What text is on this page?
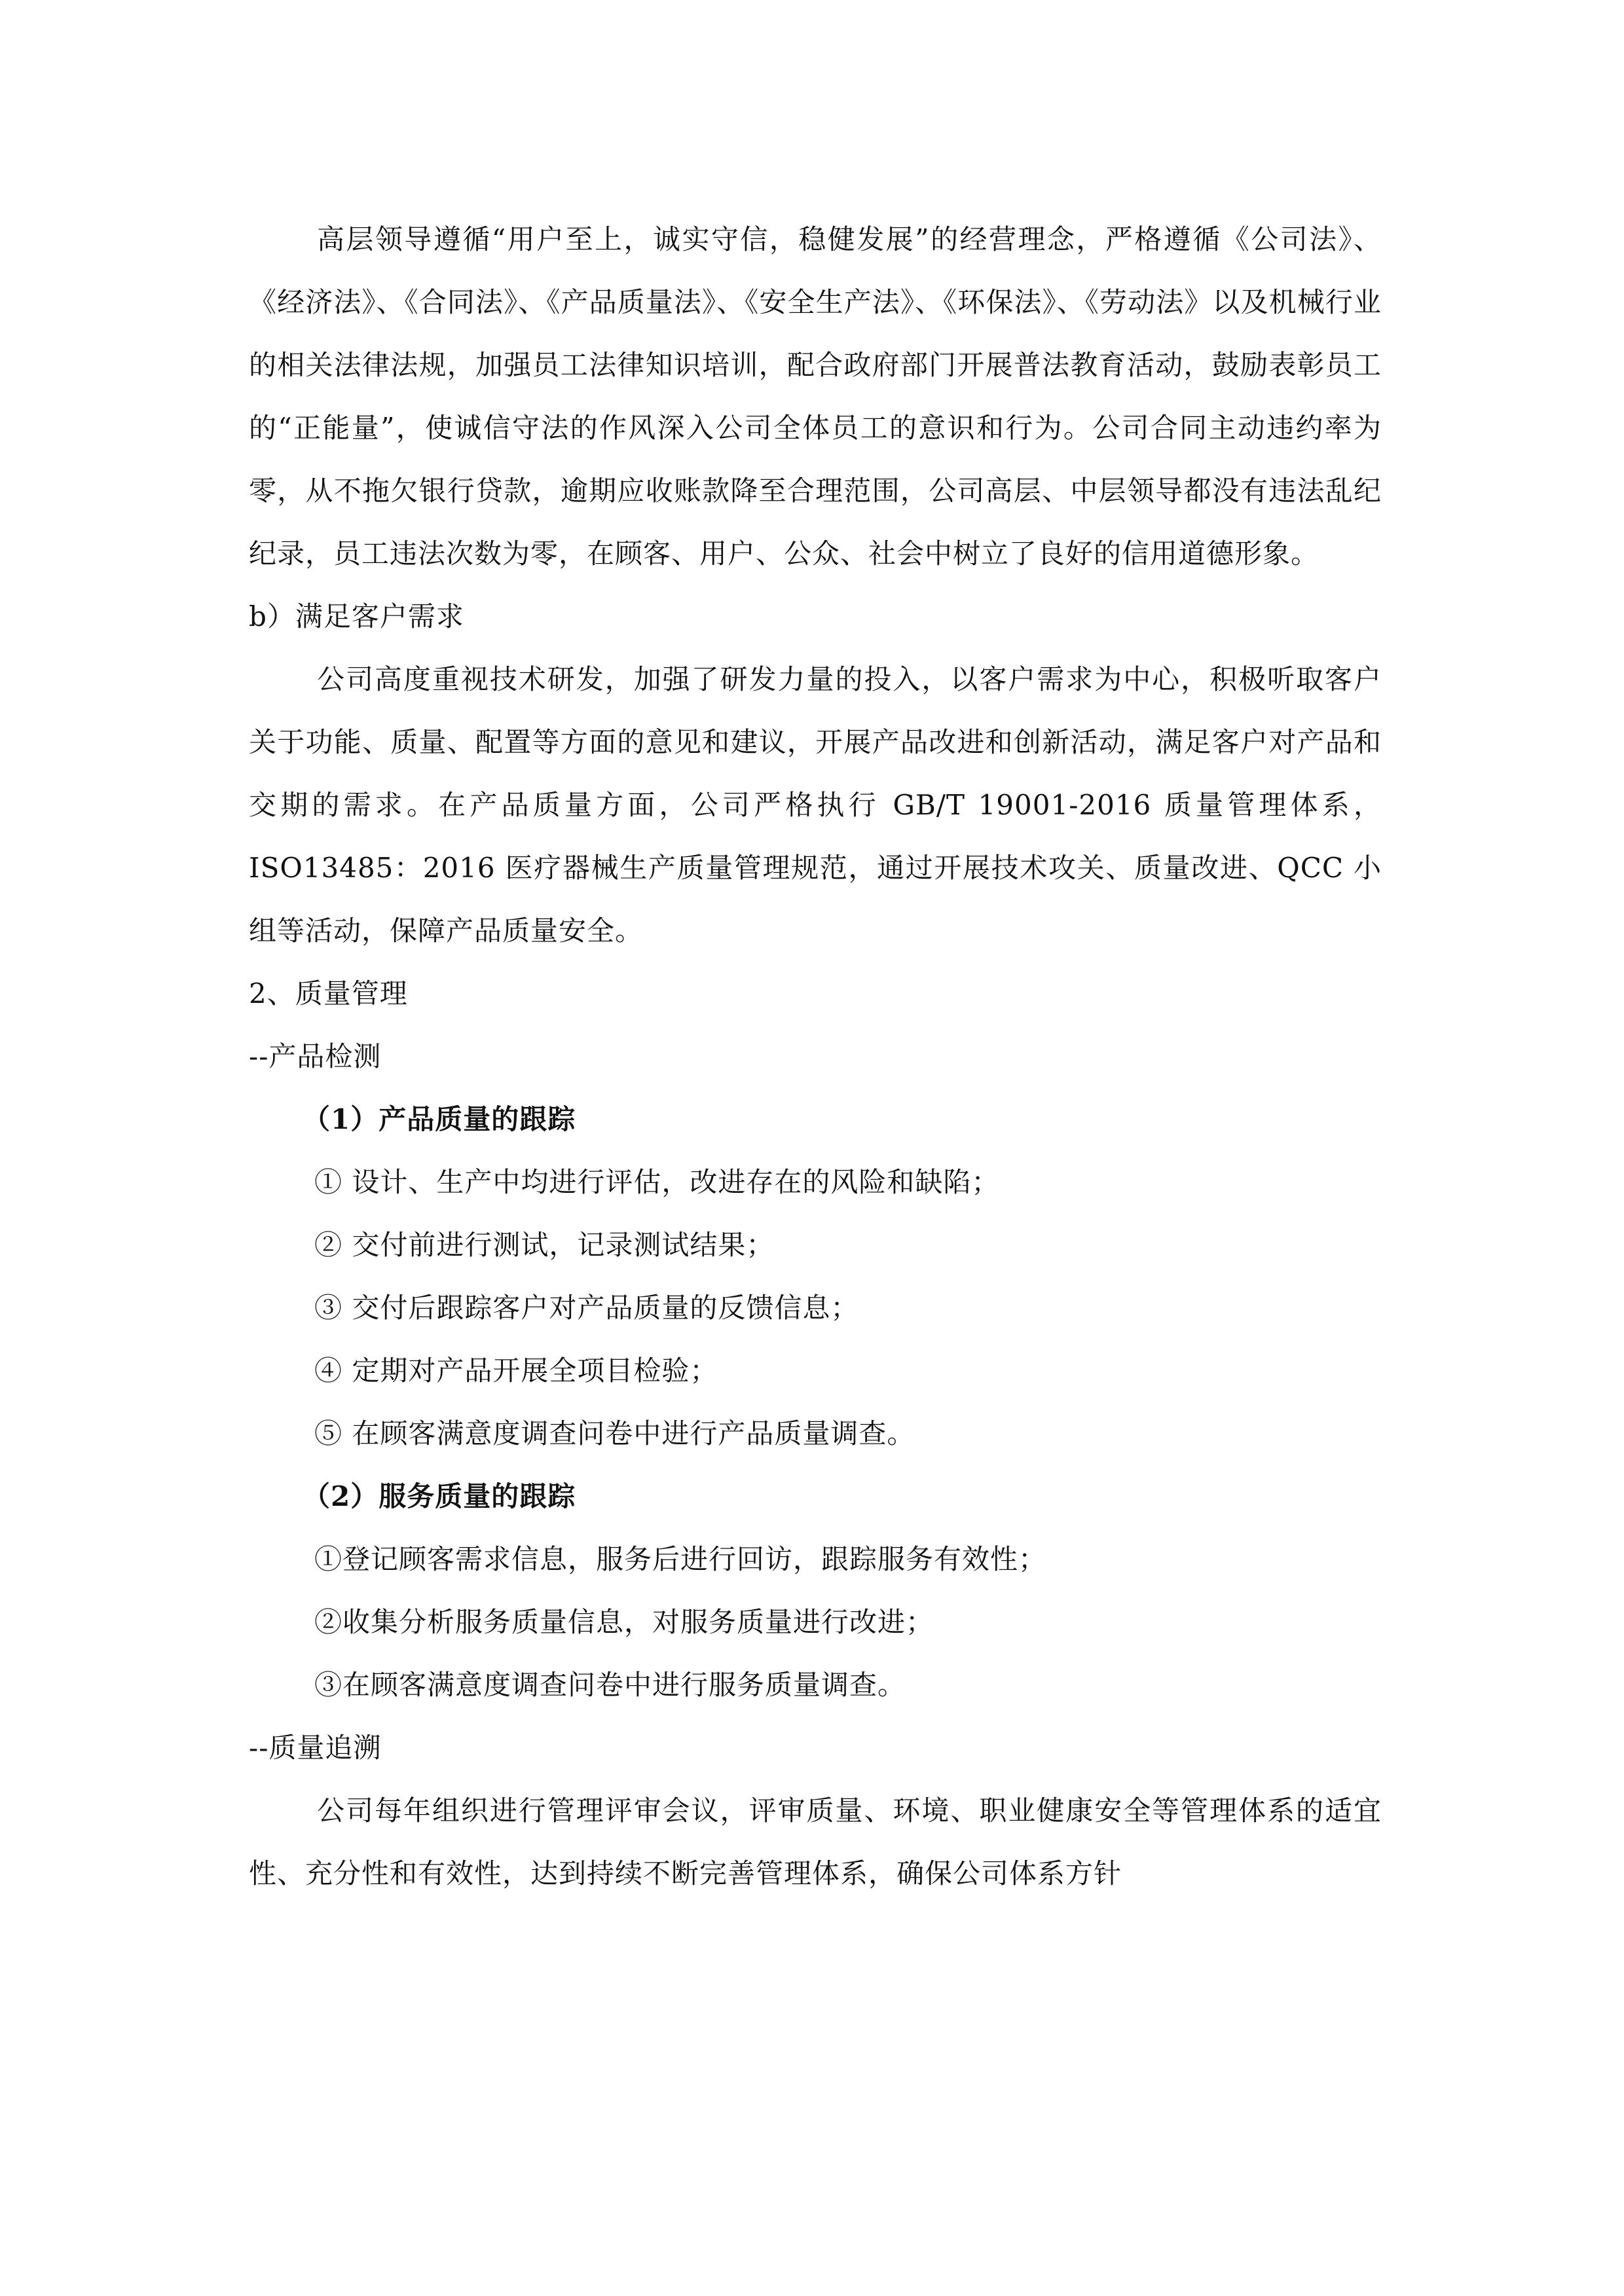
高层领导遵循“用户至上，诚实守信，稳健发展”的经营理念，严格遵循《公司法》、《经济法》、《合同法》、《产品质量法》、《安全生产法》、《环保法》、《劳动法》以及机械行业的相关法律法规，加强员工法律知识培训，配合政府部门开展普法教育活动，鼓励表彰员工的“正能量”，使诚信守法的作风深入公司全体员工的意识和行为。公司合同主动违约率为零，从不拖欠银行贷款，逾期应收账款降至合理范围，公司高层、中层领导都没有违法乱纪纪录，员工违法次数为零，在顾客、用户、公众、社会中树立了良好的信用道德形象。

b）满足客户需求

公司高度重视技术研发，加强了研发力量的投入，以客户需求为中心，积极听取客户关于功能、质量、配置等方面的意见和建议，开展产品改进和创新活动，满足客户对产品和交期的需求。在产品质量方面，公司严格执行 GB/T 19001-2016 质量管理体系，ISO13485：2016 医疗器械生产质量管理规范，通过开展技术攻关、质量改进、QCC 小组等活动，保障产品质量安全。

2、质量管理

--产品检测

（1）产品质量的跟踪

① 设计、生产中均进行评估，改进存在的风险和缺陷；

② 交付前进行测试，记录测试结果；

③ 交付后跟踪客户对产品质量的反馈信息；

④ 定期对产品开展全项目检验；

⑤ 在顾客满意度调查问卷中进行产品质量调查。

（2）服务质量的跟踪

①登记顾客需求信息，服务后进行回访，跟踪服务有效性；

②收集分析服务质量信息，对服务质量进行改进；

③在顾客满意度调查问卷中进行服务质量调查。

--质量追溯

公司每年组织进行管理评审会议，评审质量、环境、职业健康安全等管理体系的适宜性、充分性和有效性，达到持续不断完善管理体系，确保公司体系方针
